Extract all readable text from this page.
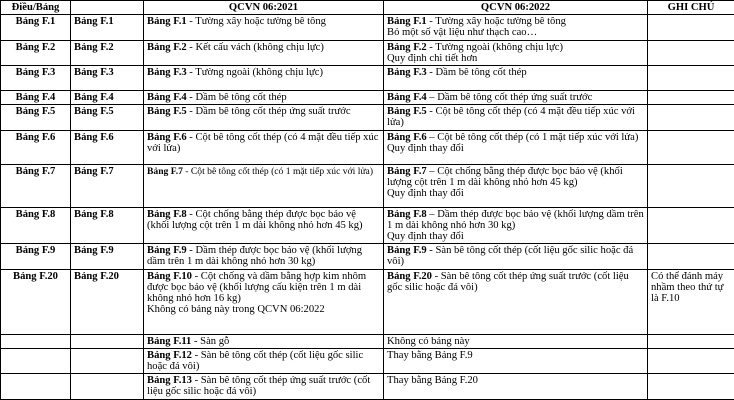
Điều/Bảng		QCVN 06:2021	QCVN 06:2022	GHI CHÚ
Bảng F.1	Bảng F.1	Bảng F.1 - Tường xây hoặc tường bê tông	Bảng F.1 - Tường xây hoặc tường bê tông
Bỏ một số vật liệu như thạch cao…	

Bảng F.2	Bảng F.2	Bảng F.2 - Kết cấu vách (không chịu lực)	Bảng F.2 - Tường ngoài (không chịu lực)
Quy định chi tiết hơn	

Bảng F.3	Bảng F.3	Bảng F.3 - Tường ngoài (không chịu lực)	Bảng F.3 - Dầm bê tông cốt thép	
Bảng F.4	Bảng F.4	Bảng F.4 - Dầm bê tông cốt thép	Bảng F.4 – Dầm bê tông cốt thép ứng suất trước	
Bảng F.5	Bảng F.5	Bảng F.5 - Dầm bê tông cốt thép ứng suất trước	Bảng F.5 - Cột bê tông cốt thép (có 4 mặt đều tiếp xúc với lửa)	
Bảng F.6	Bảng F.6	Bảng F.6 - Cột bê tông cốt thép (có 4 mặt đều tiếp xúc với lửa)	Bảng F.6 – Cột bê tông cốt thép (có 1 mặt tiếp xúc với lửa)
Quy định thay đổi	

Bảng F.7	Bảng F.7	Bảng F.7 - Cột bê tông cốt thép (có 1 mặt tiếp xúc với lửa)	Bảng F.7 – Cột chống bằng thép được bọc bảo vệ (khối lượng cột trên 1 m dài không nhỏ hơn 45 kg)
Quy định thay đổi	

Bảng F.8	Bảng F.8	Bảng F.8 - Cột chống bằng thép được bọc bảo vệ (khối lượng cột trên 1 m dài không nhỏ hơn 45 kg)	Bảng F.8 – Dầm thép được bọc bảo vệ (khối lượng dầm trên 1 m dài không nhỏ hơn 30 kg)
Quy định thay đổi	

Bảng F.9	Bảng F.9	Bảng F.9 - Dầm thép được bọc bảo vệ (khối lượng dầm trên 1 m dài không nhỏ hơn 30 kg)	Bảng F.9 - Sàn bê tông cốt thép (cốt liệu gốc silic hoặc đá vôi)	
Bảng F.20	Bảng F.20	Bảng F.10 - Cột chống và dầm bằng hợp kim nhôm được bọc bảo vệ (khối lượng cấu kiện trên 1 m dài không nhỏ hơn 16 kg)
Không có bảng này trong QCVN 06:2022	Bảng F.20 - Sàn bê tông cốt thép ứng suất trước (cốt liệu gốc silic hoặc đá vôi)	Có thể đánh máy nhầm theo thứ tự là F.10
		Bảng F.11 - Sàn gỗ	Không có bảng này	
		Bảng F.12 - Sàn bê tông cốt thép (cốt liệu gốc silic hoặc đá vôi)	Thay bằng Bảng F.9	
		Bảng F.13 - Sàn bê tông cốt thép ứng suất trước (cốt liệu gốc silic hoặc đá vôi)	Thay bằng Bảng F.20	
